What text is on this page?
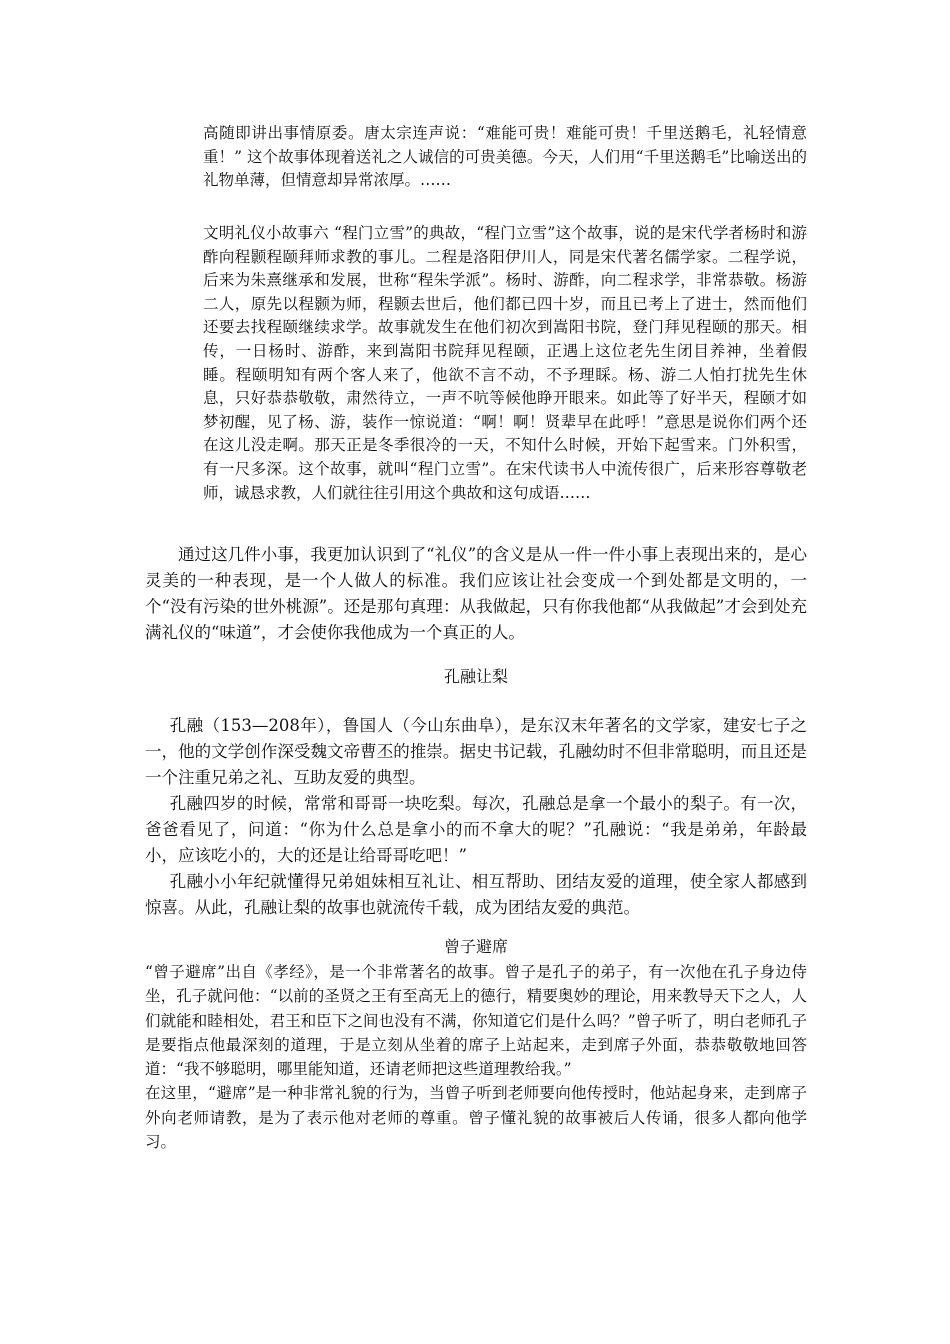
高随即讲出事情原委。唐太宗连声说：“难能可贵！难能可贵！千里送鹅毛，礼轻情意重！” 这个故事体现着送礼之人诚信的可贵美德。今天，人们用“千里送鹅毛”比喻送出的礼物单薄，但情意却异常浓厚。……

文明礼仪小故事六 “程门立雪”的典故，“程门立雪”这个故事，说的是宋代学者杨时和游酢向程颢程颐拜师求教的事儿。二程是洛阳伊川人，同是宋代著名儒学家。二程学说，后来为朱熹继承和发展，世称“程朱学派”。杨时、游酢，向二程求学，非常恭敬。杨游二人，原先以程颢为师，程颢去世后，他们都已四十岁，而且已考上了进士，然而他们还要去找程颐继续求学。故事就发生在他们初次到嵩阳书院，登门拜见程颐的那天。相传，一日杨时、游酢，来到嵩阳书院拜见程颐，正遇上这位老先生闭目养神，坐着假睡。程颐明知有两个客人来了，他欲不言不动，不予理睬。杨、游二人怕打扰先生休息，只好恭恭敬敬，肃然待立，一声不吭等候他睁开眼来。如此等了好半天，程颐才如梦初醒，见了杨、游，装作一惊说道：“啊！啊！贤辈早在此呼！”意思是说你们两个还在这儿没走啊。那天正是冬季很冷的一天，不知什么时候，开始下起雪来。门外积雪，有一尺多深。这个故事，就叫“程门立雪”。在宋代读书人中流传很广，后来形容尊敬老师，诚恳求教，人们就往往引用这个典故和这句成语……

通过这几件小事，我更加认识到了“礼仪”的含义是从一件一件小事上表现出来的，是心灵美的一种表现，是一个人做人的标准。我们应该让社会变成一个到处都是文明的，一个“没有污染的世外桃源”。还是那句真理：从我做起，只有你我他都“从我做起”才会到处充满礼仪的“味道”，才会使你我他成为一个真正的人。

孔融让梨

孔融（153—208年），鲁国人（今山东曲阜），是东汉末年著名的文学家，建安七子之一，他的文学创作深受魏文帝曹丕的推崇。据史书记载，孔融幼时不但非常聪明，而且还是一个注重兄弟之礼、互助友爱的典型。

孔融四岁的时候，常常和哥哥一块吃梨。每次，孔融总是拿一个最小的梨子。有一次，爸爸看见了，问道：“你为什么总是拿小的而不拿大的呢？”孔融说：“我是弟弟，年龄最小，应该吃小的，大的还是让给哥哥吃吧！”

孔融小小年纪就懂得兄弟姐妹相互礼让、相互帮助、团结友爱的道理，使全家人都感到惊喜。从此，孔融让梨的故事也就流传千载，成为团结友爱的典范。

曾子避席

“曾子避席”出自《孝经》，是一个非常著名的故事。曾子是孔子的弟子，有一次他在孔子身边侍坐，孔子就问他：“以前的圣贤之王有至高无上的德行，精要奥妙的理论，用来教导天下之人，人们就能和睦相处，君王和臣下之间也没有不满，你知道它们是什么吗？”曾子听了，明白老师孔子是要指点他最深刻的道理，于是立刻从坐着的席子上站起来，走到席子外面，恭恭敬敬地回答道：“我不够聪明，哪里能知道，还请老师把这些道理教给我。”

在这里，“避席”是一种非常礼貌的行为，当曾子听到老师要向他传授时，他站起身来，走到席子外向老师请教，是为了表示他对老师的尊重。曾子懂礼貌的故事被后人传诵，很多人都向他学习。
